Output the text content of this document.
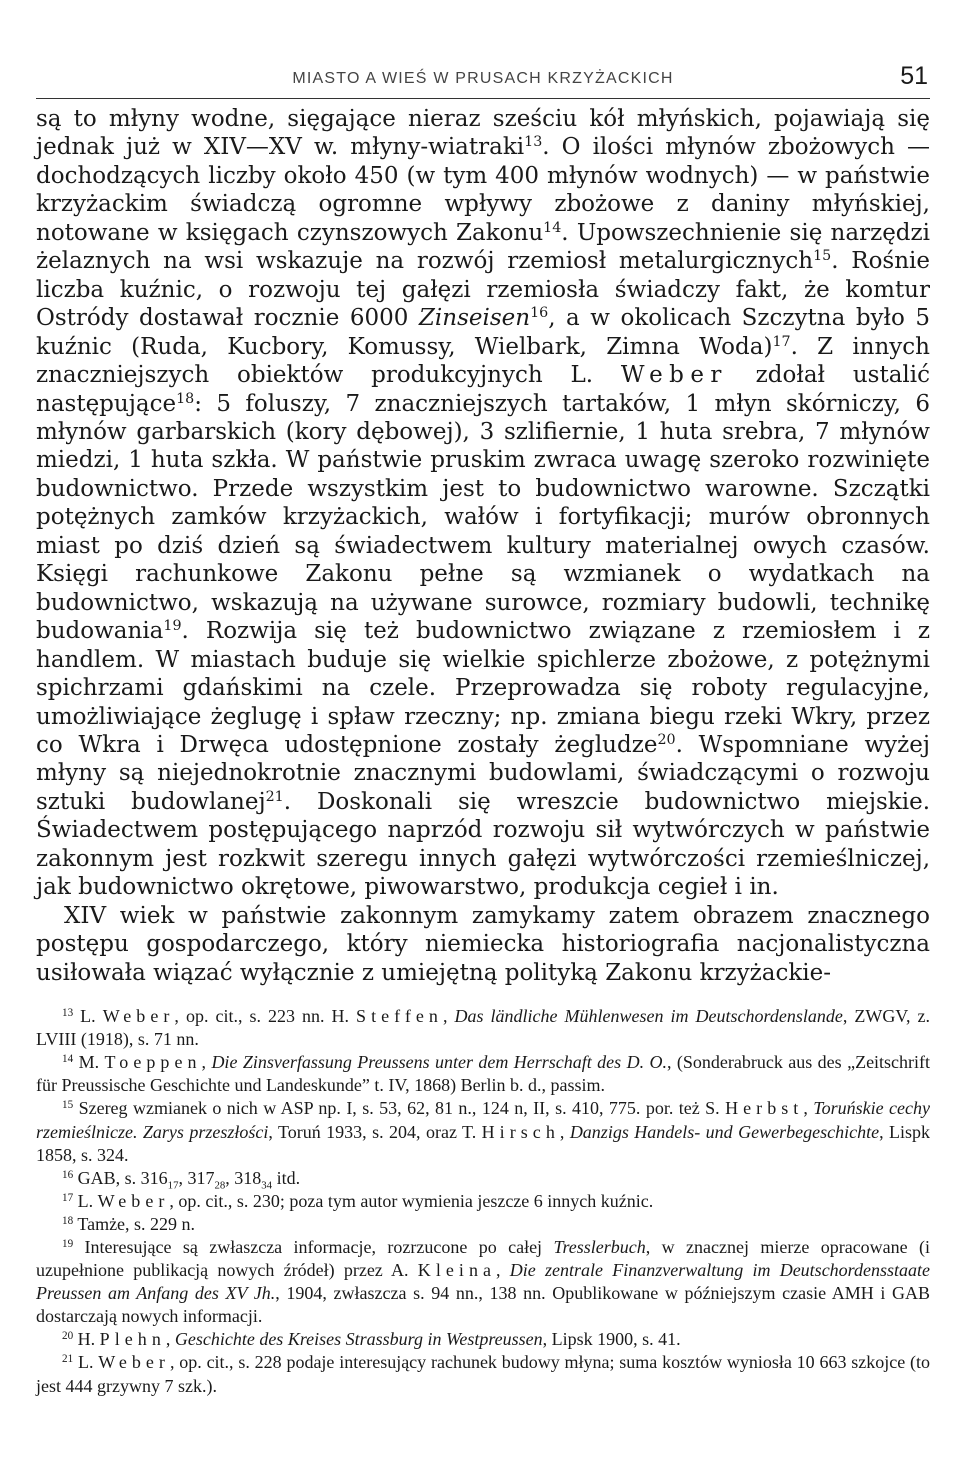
MIASTO A WIEŚ W PRUSACH KRZYŻACKICH	51

są to młyny wodne, sięgające nieraz sześciu kół młyńskich, pojawiają się jednak już w XIV—XV w. młyny-wiatraki$^{13}$. O ilości młynów zbożowych — dochodzących liczby około 450 (w tym 400 młynów wodnych) — w państwie krzyżackim świadczą ogromne wpływy zbożowe z daniny młyńskiej, notowane w księgach czynszowych Zakonu$^{14}$. Upowszechnienie się narzędzi żelaznych na wsi wskazuje na rozwój rzemiosł metalurgicznych$^{15}$. Rośnie liczba kuźnic, o rozwoju tej gałęzi rzemiosła świadczy fakt, że komtur Ostródy dostawał rocznie 6000 Zinseisen$^{16}$, a w okolicach Szczytna było 5 kuźnic (Ruda, Kucbory, Komussy, Wielbark, Zimna Woda)$^{17}$. Z innych znaczniejszych obiektów produkcyjnych L. Weber zdołał ustalić następujące$^{18}$: 5 foluszy, 7 znaczniejszych tartaków, 1 młyn skórniczy, 6 młynów garbarskich (kory dębowej), 3 szlifiernie, 1 huta srebra, 7 młynów miedzi, 1 huta szkła. W państwie pruskim zwraca uwagę szeroko rozwinięte budownictwo. Przede wszystkim jest to budownictwo warowne. Szczątki potężnych zamków krzyżackich, wałów i fortyfikacji; murów obronnych miast po dziś dzień są świadectwem kultury materialnej owych czasów. Księgi rachunkowe Zakonu pełne są wzmianek o wydatkach na budownictwo, wskazują na używane surowce, rozmiary budowli, technikę budowania$^{19}$. Rozwija się też budownictwo związane z rzemiosłem i z handlem. W miastach buduje się wielkie spichlerze zbożowe, z potężnymi spichrzami gdańskimi na czele. Przeprowadza się roboty regulacyjne, umożliwiające żeglugę i spław rzeczny; np. zmiana biegu rzeki Wkry, przez co Wkra i Drwęca udostępnione zostały żegludze$^{20}$. Wspomniane wyżej młyny są niejednokrotnie znacznymi budowlami, świadczącymi o rozwoju sztuki budowlanej$^{21}$. Doskonali się wreszcie budownictwo miejskie. Świadectwem postępującego naprzód rozwoju sił wytwórczych w państwie zakonnym jest rozkwit szeregu innych gałęzi wytwórczości rzemieślniczej, jak budownictwo okrętowe, piwowarstwo, produkcja cegieł i in.

XIV wiek w państwie zakonnym zamykamy zatem obrazem znacznego postępu gospodarczego, który niemiecka historiografia nacjonalistyczna usiłowała wiązać wyłącznie z umiejętną polityką Zakonu krzyżackie-

$^{13}$ L. Weber, op. cit., s. 223 nn. H. Steffen, Das ländliche Mühlenwesen im Deutschordenslande, ZWGV, z. LVIII (1918), s. 71 nn.

$^{14}$ M. Toeppen, Die Zinsverfassung Preussens unter dem Herrschaft des D. O., (Sonderabruck aus des „Zeitschrift für Preussische Geschichte und Landeskunde” t. IV, 1868) Berlin b. d., passim.

$^{15}$ Szereg wzmianek o nich w ASP np. I, s. 53, 62, 81 n., 124 n, II, s. 410, 775. por. też S. Herbst, Toruńskie cechy rzemieślnicze. Zarys przeszłości, Toruń 1933, s. 204, oraz T. Hirsch, Danzigs Handels- und Gewerbegeschichte, Lispk 1858, s. 324.

$^{16}$ GAB, s. $316_{17}$, $317_{28}$, $318_{34}$ itd.

$^{17}$ L. Weber, op. cit., s. 230; poza tym autor wymienia jeszcze 6 innych kuźnic.

$^{18}$ Tamże, s. 229 n.

$^{19}$ Interesujące są zwłaszcza informacje, rozrzucone po całej Tresslerbuch, w znacznej mierze opracowane (i uzupełnione publikacją nowych źródeł) przez A. Kleina, Die zentrale Finanzverwaltung im Deutschordensstaate Preussen am Anfang des XV Jh., 1904, zwłaszcza s. 94 nn., 138 nn. Opublikowane w późniejszym czasie AMH i GAB dostarczają nowych informacji.

$^{20}$ H. Plehn, Geschichte des Kreises Strassburg in Westpreussen, Lipsk 1900, s. 41.

$^{21}$ L. Weber, op. cit., s. 228 podaje interesujący rachunek budowy młyna; suma kosztów wyniosła 10 663 szkojce (to jest 444 grzywny 7 szk.).
